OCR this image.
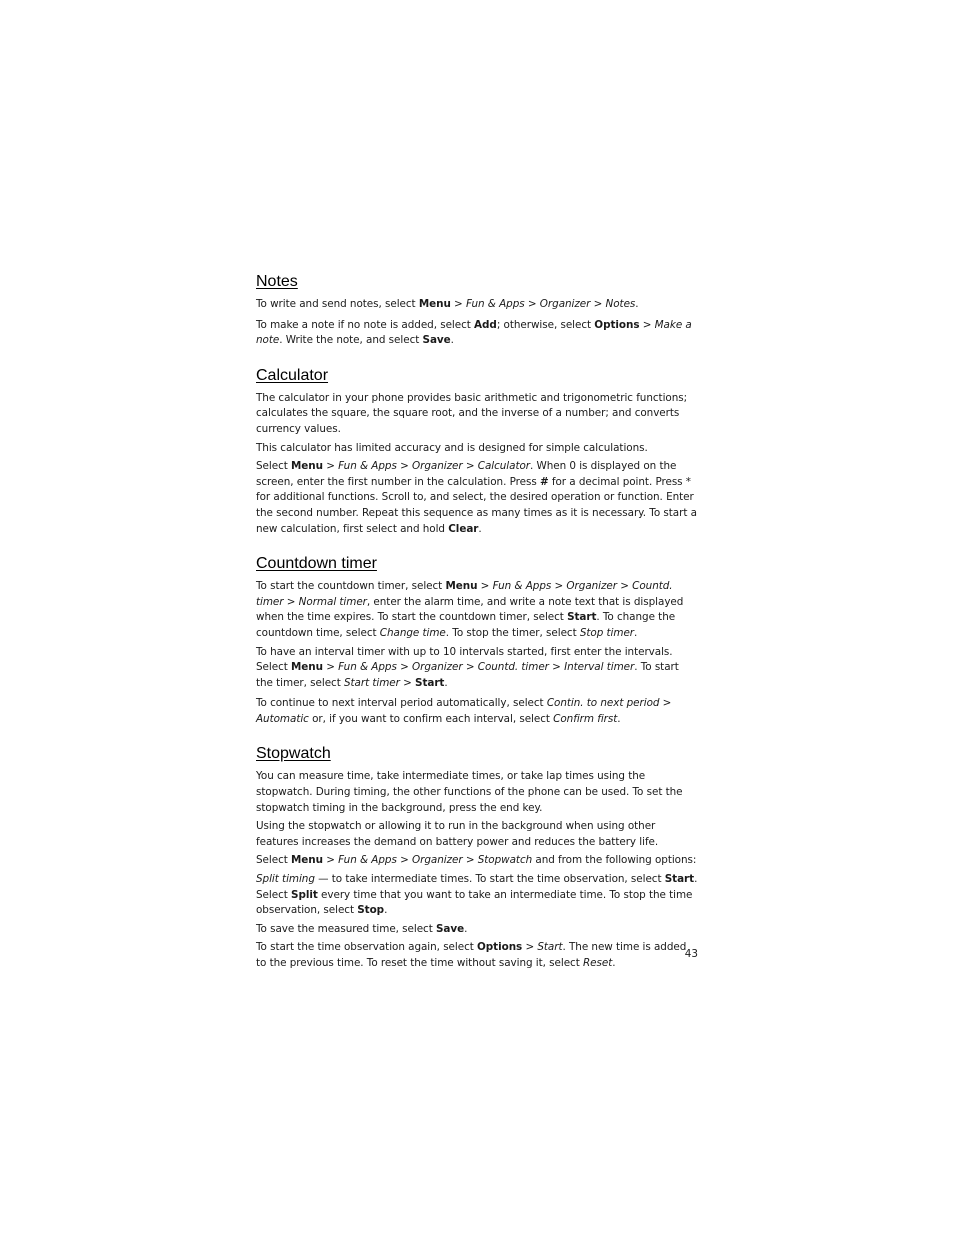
Notes

To write and send notes, select Menu > Fun & Apps > Organizer > Notes.

To make a note if no note is added, select Add; otherwise, select Options > Make a note. Write the note, and select Save.

Calculator

The calculator in your phone provides basic arithmetic and trigonometric functions; calculates the square, the square root, and the inverse of a number; and converts currency values.

This calculator has limited accuracy and is designed for simple calculations.

Select Menu > Fun & Apps > Organizer > Calculator. When 0 is displayed on the screen, enter the first number in the calculation. Press # for a decimal point. Press * for additional functions. Scroll to, and select, the desired operation or function. Enter the second number. Repeat this sequence as many times as it is necessary. To start a new calculation, first select and hold Clear.

Countdown timer

To start the countdown timer, select Menu > Fun & Apps > Organizer > Countd. timer > Normal timer, enter the alarm time, and write a note text that is displayed when the time expires. To start the countdown timer, select Start. To change the countdown time, select Change time. To stop the timer, select Stop timer.

To have an interval timer with up to 10 intervals started, first enter the intervals. Select Menu > Fun & Apps > Organizer > Countd. timer > Interval timer. To start the timer, select Start timer > Start.

To continue to next interval period automatically, select Contin. to next period > Automatic or, if you want to confirm each interval, select Confirm first.

Stopwatch

You can measure time, take intermediate times, or take lap times using the stopwatch. During timing, the other functions of the phone can be used. To set the stopwatch timing in the background, press the end key.

Using the stopwatch or allowing it to run in the background when using other features increases the demand on battery power and reduces the battery life.

Select Menu > Fun & Apps > Organizer > Stopwatch and from the following options:

Split timing — to take intermediate times. To start the time observation, select Start. Select Split every time that you want to take an intermediate time. To stop the time observation, select Stop.

To save the measured time, select Save.

To start the time observation again, select Options > Start. The new time is added to the previous time. To reset the time without saving it, select Reset.

43
